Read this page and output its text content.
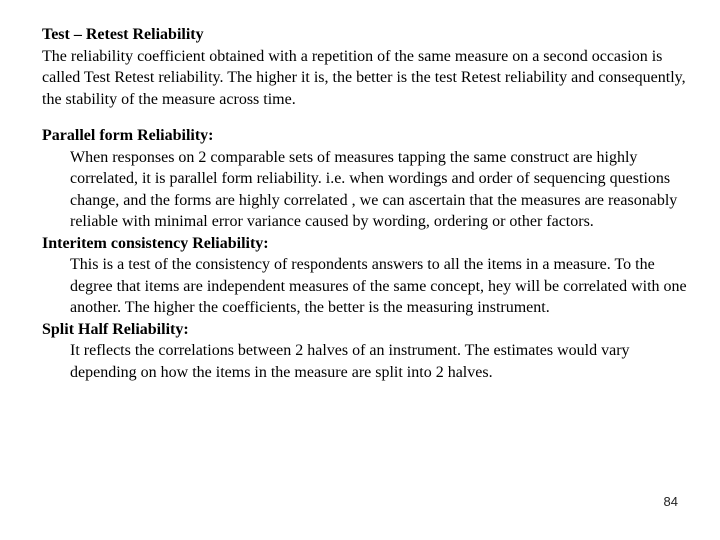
Test – Retest Reliability

The reliability coefficient obtained with a repetition of the same measure on a second occasion is called Test Retest reliability. The higher it is, the better is the test Retest reliability and consequently, the stability of the measure across time.

Parallel form Reliability:

When responses on 2 comparable sets of measures tapping the same construct are highly correlated, it is parallel form reliability. i.e. when wordings and order of sequencing questions change, and the forms are highly correlated , we can ascertain that the measures are reasonably reliable with minimal error variance caused by wording, ordering or other factors.

Interitem consistency Reliability:

This is a test of the consistency of respondents answers to all the items in a measure. To the degree that items are independent measures of the same concept, hey will be correlated with one another. The higher the coefficients, the better is the measuring instrument.

Split Half Reliability:

It reflects the correlations between 2 halves of an instrument. The estimates would vary depending on how the items in the measure are split into 2 halves.

84
